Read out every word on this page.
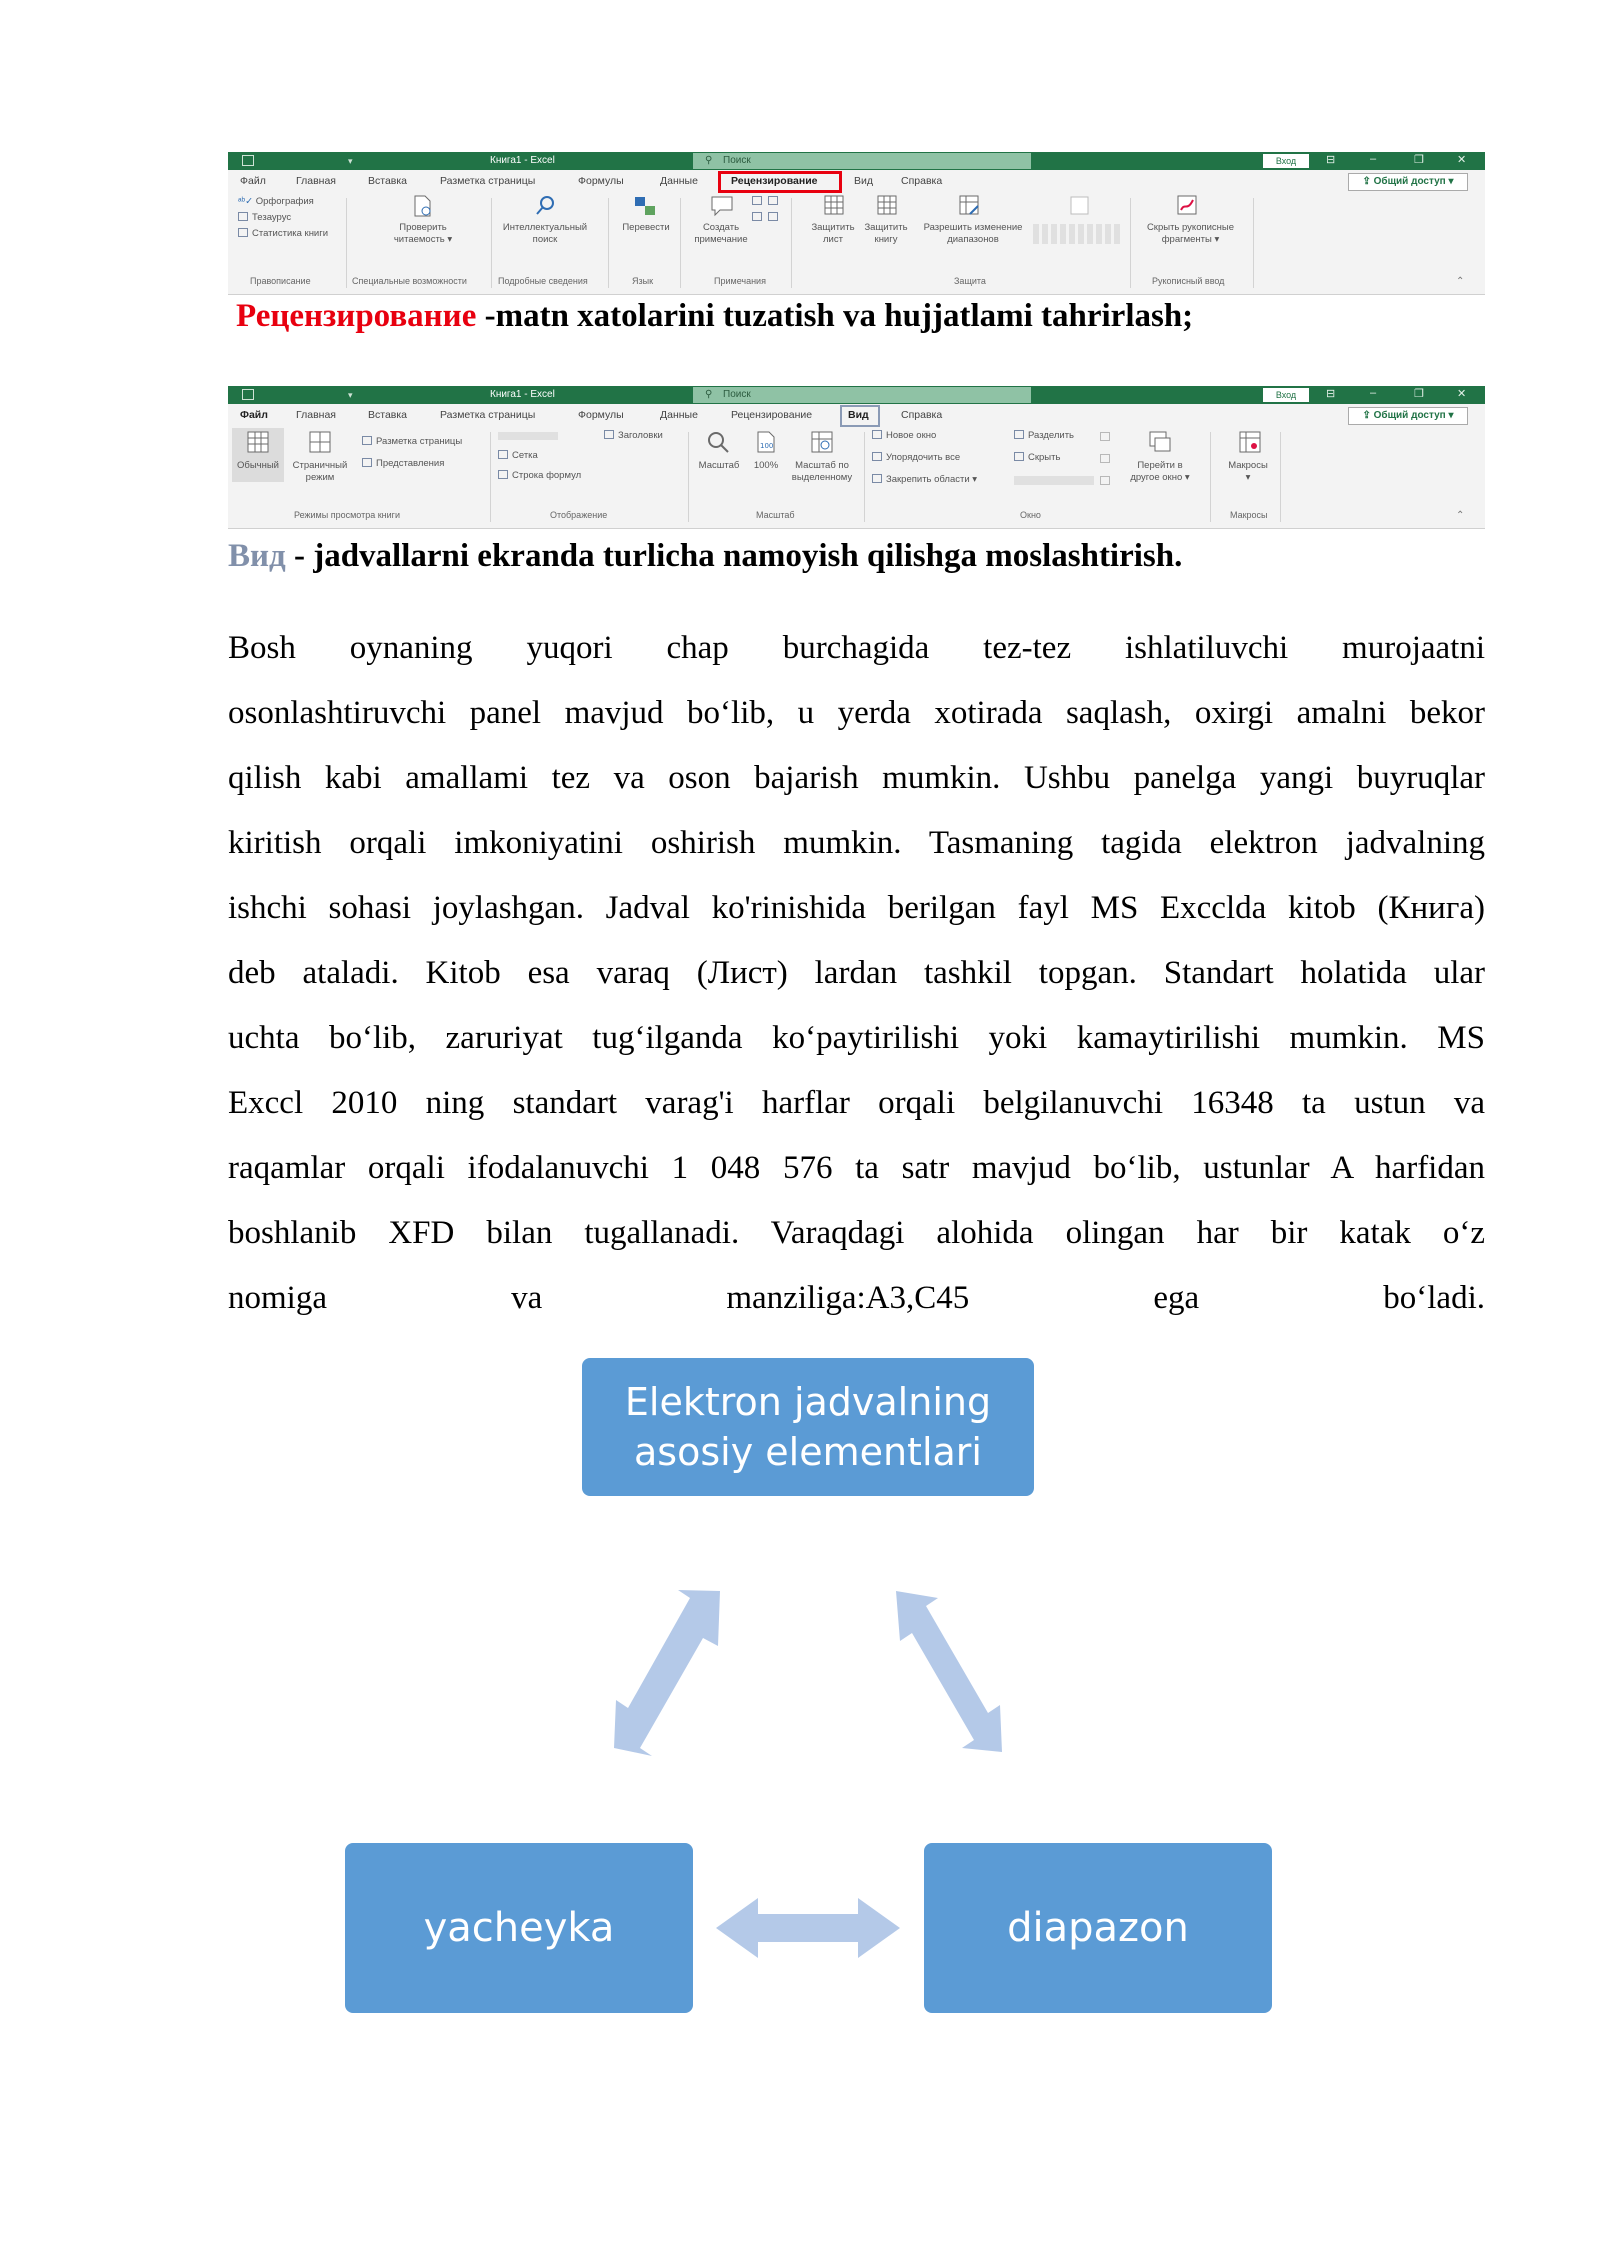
▾	Книга1 - Excel	⚲ Поиск	Вход	⊟	–	❐	✕
Файл	Главная	Вставка	Разметка страницы	Формулы	Данные	Рецензирование	Вид	Справка	⇪ Общий доступ ▾
ᵃᵇ✓ Орфография
Тезаурус
Статистика книги
Правописание
Проверить
читаемость ▾
Специальные возможности
Интеллектуальный
поиск
Подробные сведения
Перевести
Язык
Создать
примечание
Примечания
Защитить
лист
Защитить
книгу
Разрешить изменение
диапазонов
Защита
Скрыть рукописные
фрагменты ▾
Рукописный ввод	⌃
Рецензирование -matn xatolarini tuzatish va hujjatlami tahrirlash;
▾	Книга1 - Excel	⚲ Поиск	Вход	⊟	–	❐	✕
Файл	Главная	Вставка	Разметка страницы	Формулы	Данные	Рецензирование	Вид	Справка	⇪ Общий доступ ▾
Обычный	Страничный
режим
Разметка страницы
Представления
Режимы просмотра книги
Сетка
Строка формул
Заголовки
Отображение
Масштаб
100
100%	Масштаб по
выделенному
Масштаб
Новое окно
Упорядочить все
Закрепить области ▾
Разделить
Скрыть
Перейти в
другое окно ▾
Окно
Макросы
▾
Макросы	⌃
Вид - jadvallarni ekranda turlicha namoyish qilishga moslashtirish.
Bosh oynaning yuqori chap burchagida tez-tez ishlatiluvchi murojaatni
osonlashtiruvchi panel mavjud bo‘lib, u yerda xotirada saqlash, oxirgi amalni bekor
qilish kabi amallami tez va oson bajarish mumkin. Ushbu panelga yangi buyruqlar
kiritish orqali imkoniyatini oshirish mumkin. Tasmaning tagida elektron jadvalning
ishchi sohasi joylashgan. Jadval ko'rinishida berilgan fayl MS Excclda kitob (Книга)
deb ataladi. Kitob esa varaq (Лист) lardan tashkil topgan. Standart holatida ular
uchta bo‘lib, zaruriyat tug‘ilganda ko‘paytirilishi yoki kamaytirilishi mumkin. MS
Excсl 2010 ning standart varag'i harflar orqali belgilanuvchi 16348 ta ustun va
raqamlar orqali ifodalanuvchi 1 048 576 ta satr mavjud bo‘lib, ustunlar A harfidan
boshlanib XFD bilan tugallanadi. Varaqdagi alohida olingan har bir katak o‘z
nomiga va manziliga:A3,C45 ega bo‘ladi.
Elektron jadvalning
asosiy elementlari
yacheyka	diapazon
